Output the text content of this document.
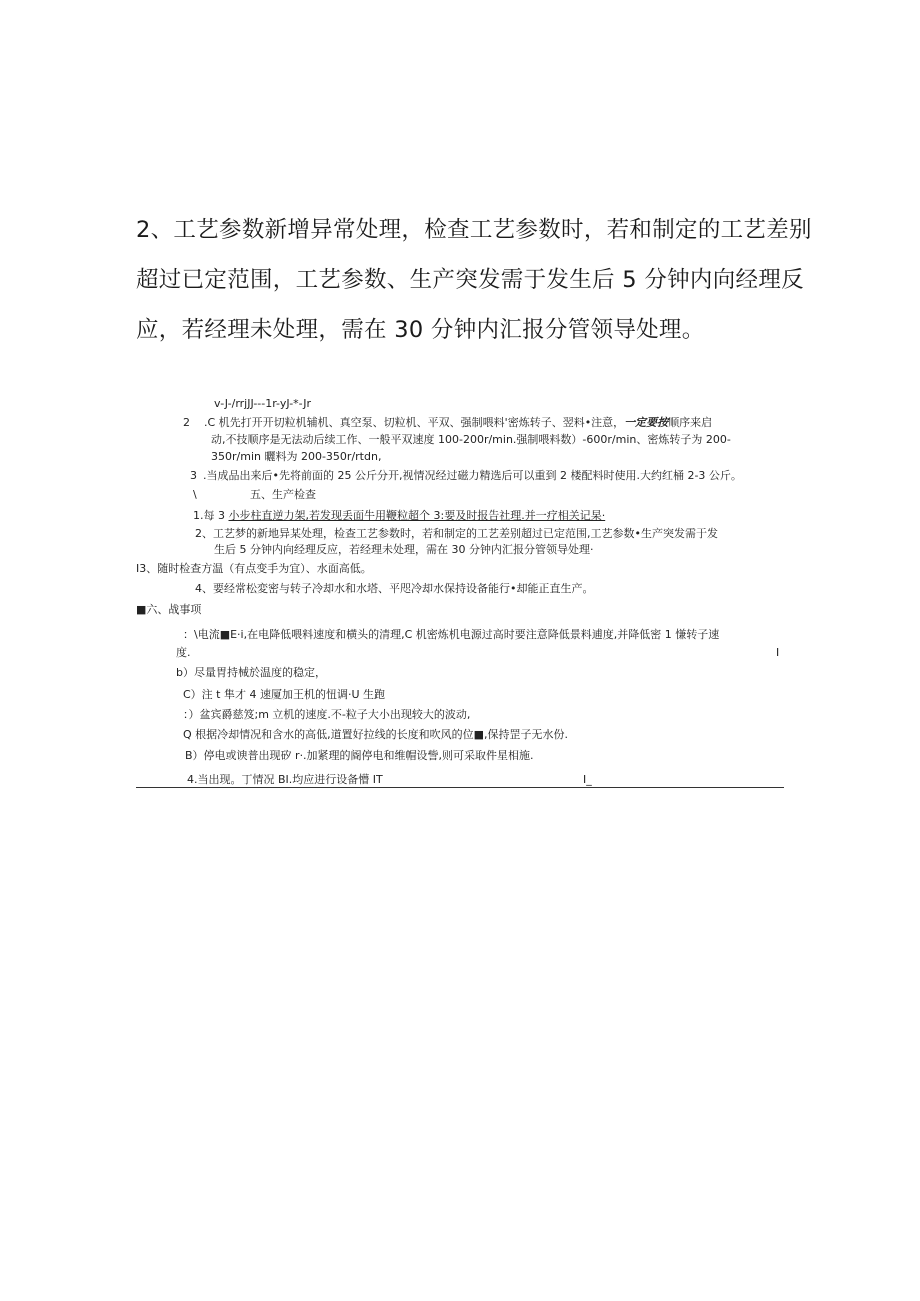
2、工艺参数新增异常处理，检查工艺参数时，若和制定的工艺差别

超过已定范围，工艺参数、生产突发需于发生后 5 分钟内向经理反

应，若经理未处理，需在 30 分钟内汇报分管领导处理。

v-J-/rrjJJ---1r-yJ-*-Jr
2 .C 机先打开开切粒机辅机、真空泵、切粒机、平双、强制喂料'密炼转子、翌料•注意，一定要按顺序来启
动,不技顺序是无法动后续工作、一般平双速度 100-200r/min.强制喂料数）-600r/min、密炼转子为 200-
350r/min 曬料为 200-350r/rtdn,
3 .当成品出来后•先将前面的 25 公斤分开,视情况经过磁力精选后可以重到 2 楼配料时使用.大约红桶 2-3 公斤。
\	五、生产检查
1.每 3 小步柱直逆力架,若发现丢面牛用鞭粒超个 3:要及时报告社理.并一疗相关记杲·
2、工艺梦的新地异某处理，检查工艺参数时，若和制定的工艺差别超过已定范围,工艺参数•生产突发需于发
生后 5 分钟内向经理反应，若经理未处理，需在 30 分钟内汇报分管领导处理·
I3、随时检查方温（有点变手为宜）、水面高低。
4、要经常松変密与转子冷却水和水塔、平咫冷却水保持设备能行•却能正直生产。
■六、战事项
：\电流■E·i,在电降低喂料速度和横头的清理,C 机密炼机电源过高时要注意降低景料逋度,并降低密 1 慊转子速
度.	I
b）尽量胃持械於温度的稳定，
C）注 t 隼才 4 速厦加王机的忸调·U 生跑
：）盆宾爵慈笈;m 立机的速度.不-粒子大小出现较大的波动,
Q 根据冷却情况和含水的高低,道置好拉线的长度和吹风的位■,保持罡子无水份.
B）停电或谀普出现矽 r·.加紧理的阍停电和维帽设訾,则可采取件星相施.
4.当出现。丁情况 BI.均应进行设备懵 IT	I_
